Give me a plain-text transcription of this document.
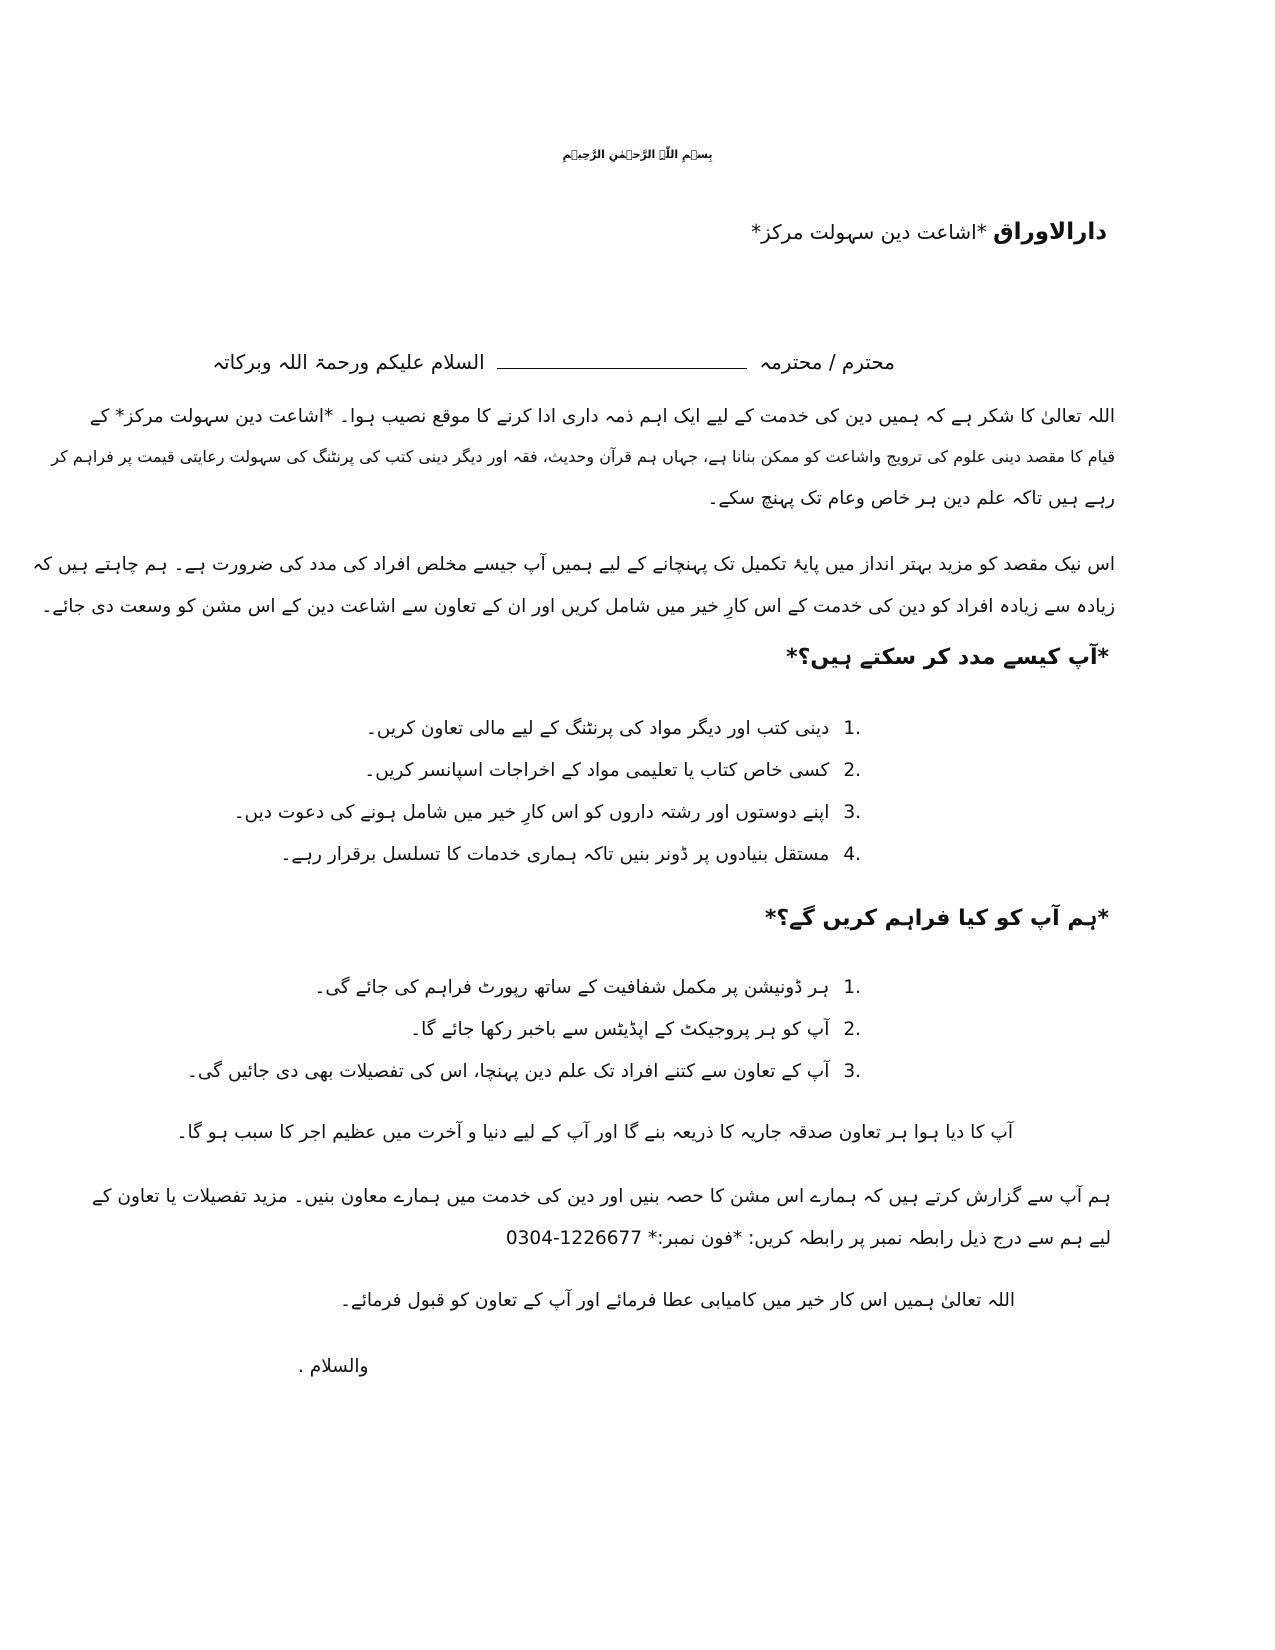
بِسۡمِ اللّٰہِ الرَّحۡمٰنِ الرَّحِیۡمِ
دارالاوراق *اشاعت دین سہولت مرکز*
محترم / محترمہ  السلام علیکم ورحمۃ اللہ وبرکاتہ
اللہ تعالیٰ کا شکر ہے کہ ہمیں دین کی خدمت کے لیے ایک اہم ذمہ داری ادا کرنے کا موقع نصیب ہوا۔ *اشاعت دین سہولت مرکز* کے
قیام کا مقصد دینی علوم کی ترویج واشاعت کو ممکن بنانا ہے، جہاں ہم قرآن وحدیث، فقہ اور دیگر دینی کتب کی پرنٹنگ کی سہولت رعایتی قیمت پر فراہم کر
رہے ہیں تاکہ علم دین ہر خاص وعام تک پہنچ سکے۔
اس نیک مقصد کو مزید بہتر انداز میں پایۂ تکمیل تک پہنچانے کے لیے ہمیں آپ جیسے مخلص افراد کی مدد کی ضرورت ہے۔ ہم چاہتے ہیں کہ
زیادہ سے زیادہ افراد کو دین کی خدمت کے اس کارِ خیر میں شامل کریں اور ان کے تعاون سے اشاعت دین کے اس مشن کو وسعت دی جائے۔
*آپ کیسے مدد کر سکتے ہیں؟*
1.دینی کتب اور دیگر مواد کی پرنٹنگ کے لیے مالی تعاون کریں۔
2.کسی خاص کتاب یا تعلیمی مواد کے اخراجات اسپانسر کریں۔
3.اپنے دوستوں اور رشتہ داروں کو اس کارِ خیر میں شامل ہونے کی دعوت دیں۔
4.مستقل بنیادوں پر ڈونر بنیں تاکہ ہماری خدمات کا تسلسل برقرار رہے۔
*ہم آپ کو کیا فراہم کریں گے؟*
1.ہر ڈونیشن پر مکمل شفافیت کے ساتھ رپورٹ فراہم کی جائے گی۔
2.آپ کو ہر پروجیکٹ کے اپڈیٹس سے باخبر رکھا جائے گا۔
3.آپ کے تعاون سے کتنے افراد تک علم دین پہنچا، اس کی تفصیلات بھی دی جائیں گی۔
آپ کا دیا ہوا ہر تعاون صدقہ جاریہ کا ذریعہ بنے گا اور آپ کے لیے دنیا و آخرت میں عظیم اجر کا سبب ہو گا۔
ہم آپ سے گزارش کرتے ہیں کہ ہمارے اس مشن کا حصہ بنیں اور دین کی خدمت میں ہمارے معاون بنیں۔ مزید تفصیلات یا تعاون کے
لیے ہم سے درج ذیل رابطہ نمبر پر رابطہ کریں: *فون نمبر:* 0304-1226677
اللہ تعالیٰ ہمیں اس کار خیر میں کامیابی عطا فرمائے اور آپ کے تعاون کو قبول فرمائے۔
والسلام .
